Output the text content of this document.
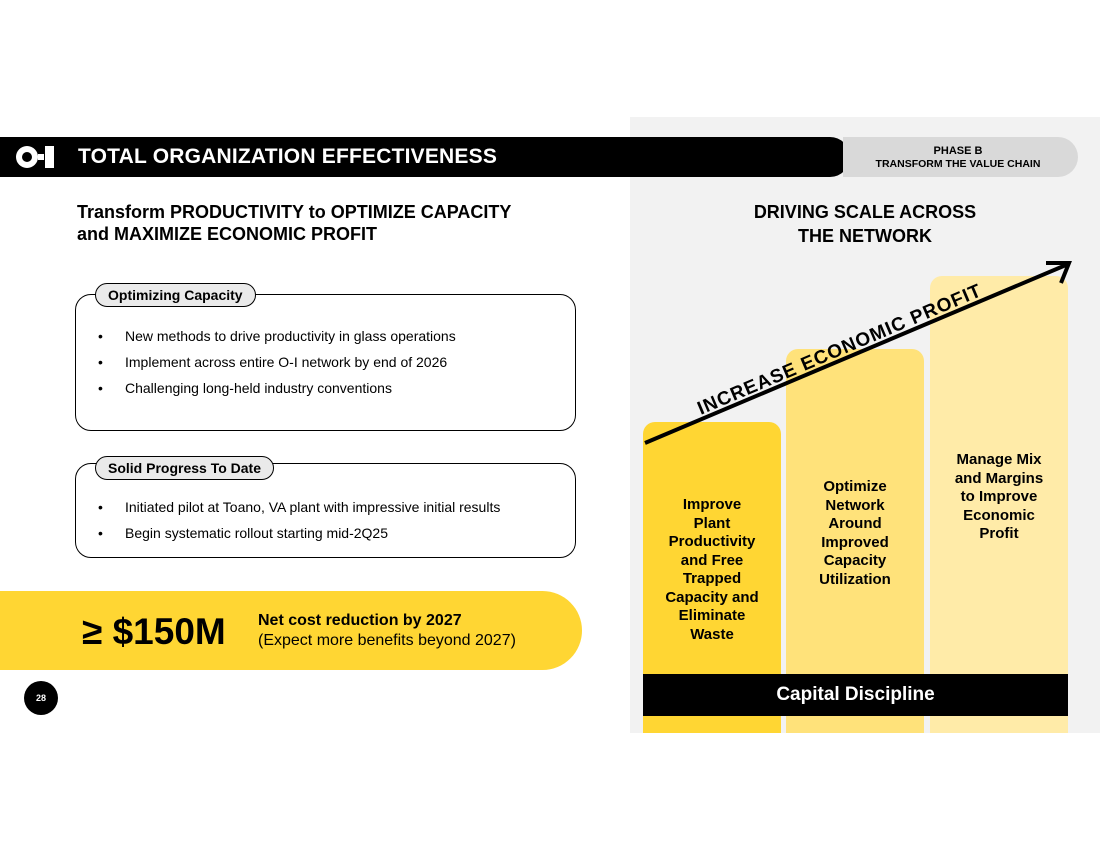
TOTAL ORGANIZATION EFFECTIVENESS	PHASE B
TRANSFORM THE VALUE CHAIN
Transform PRODUCTIVITY to OPTIMIZE CAPACITY
and MAXIMIZE ECONOMIC PROFIT
Optimizing Capacity
• New methods to drive productivity in glass operations
• Implement across entire O-I network by end of 2026
• Challenging long-held industry conventions
Solid Progress To Date
• Initiated pilot at Toano, VA plant with impressive initial results
• Begin systematic rollout starting mid-2Q25
≥ $150M Net cost reduction by 2027
(Expect more benefits beyond 2027)
28
DRIVING SCALE ACROSS
THE NETWORK
Improve
Plant
Productivity
and Free
Trapped
Capacity and
Eliminate
Waste
Optimize
Network
Around
Improved
Capacity
Utilization
Manage Mix
and Margins
to Improve
Economic
Profit
Capital Discipline
INCREASE ECONOMIC PROFIT
